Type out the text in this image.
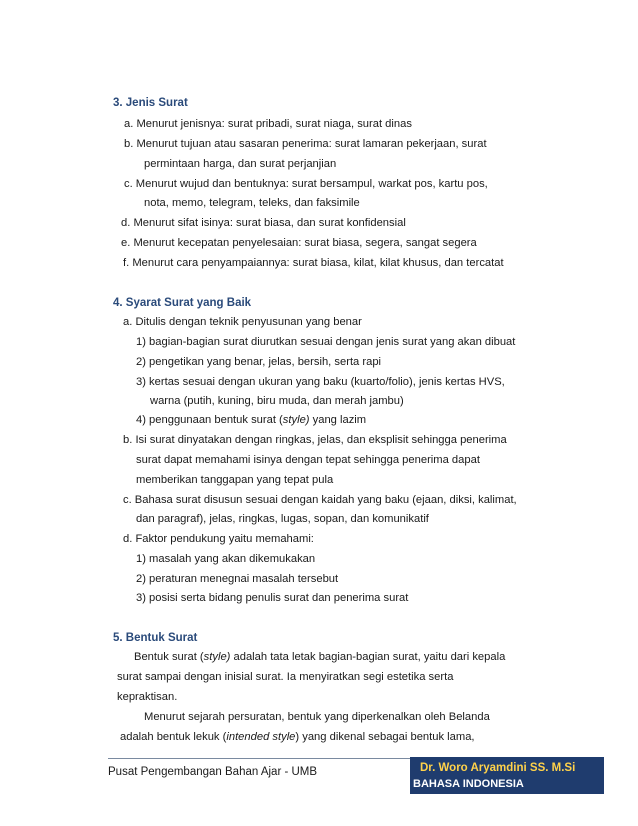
3. Jenis Surat
a. Menurut jenisnya: surat pribadi, surat niaga, surat dinas
b. Menurut tujuan atau sasaran penerima: surat lamaran pekerjaan, surat
permintaan harga, dan surat perjanjian
c. Menurut wujud dan bentuknya: surat bersampul, warkat pos, kartu pos,
nota, memo, telegram, teleks, dan faksimile
d. Menurut sifat isinya: surat biasa, dan surat konfidensial
e. Menurut kecepatan penyelesaian: surat biasa, segera, sangat segera
f. Menurut cara penyampaiannya: surat biasa, kilat, kilat khusus, dan tercatat
4. Syarat Surat yang Baik
a. Ditulis dengan teknik penyusunan yang benar
1) bagian-bagian surat diurutkan sesuai dengan jenis surat yang akan dibuat
2) pengetikan yang benar, jelas, bersih, serta rapi
3) kertas sesuai dengan ukuran yang baku (kuarto/folio), jenis kertas HVS,
warna (putih, kuning, biru muda, dan merah jambu)
4) penggunaan bentuk surat (style) yang lazim
b. Isi surat dinyatakan dengan ringkas, jelas, dan eksplisit sehingga penerima
surat dapat memahami isinya dengan tepat sehingga penerima dapat
memberikan tanggapan yang tepat pula
c. Bahasa surat disusun sesuai dengan kaidah yang baku (ejaan, diksi, kalimat,
dan paragraf), jelas, ringkas, lugas, sopan, dan komunikatif
d. Faktor pendukung yaitu memahami:
1) masalah yang akan dikemukakan
2) peraturan menegnai masalah tersebut
3) posisi serta bidang penulis surat dan penerima surat
5. Bentuk Surat
Bentuk surat (style) adalah tata letak bagian-bagian surat, yaitu dari kepala
surat sampai dengan inisial surat. Ia menyiratkan segi estetika serta
kepraktisan.
Menurut sejarah persuratan, bentuk yang diperkenalkan oleh Belanda
adalah bentuk lekuk (intended style) yang dikenal sebagai bentuk lama,
Pusat Pengembangan Bahan Ajar - UMB	Dr. Woro Aryamdini SS. M.Si
BAHASA INDONESIA
